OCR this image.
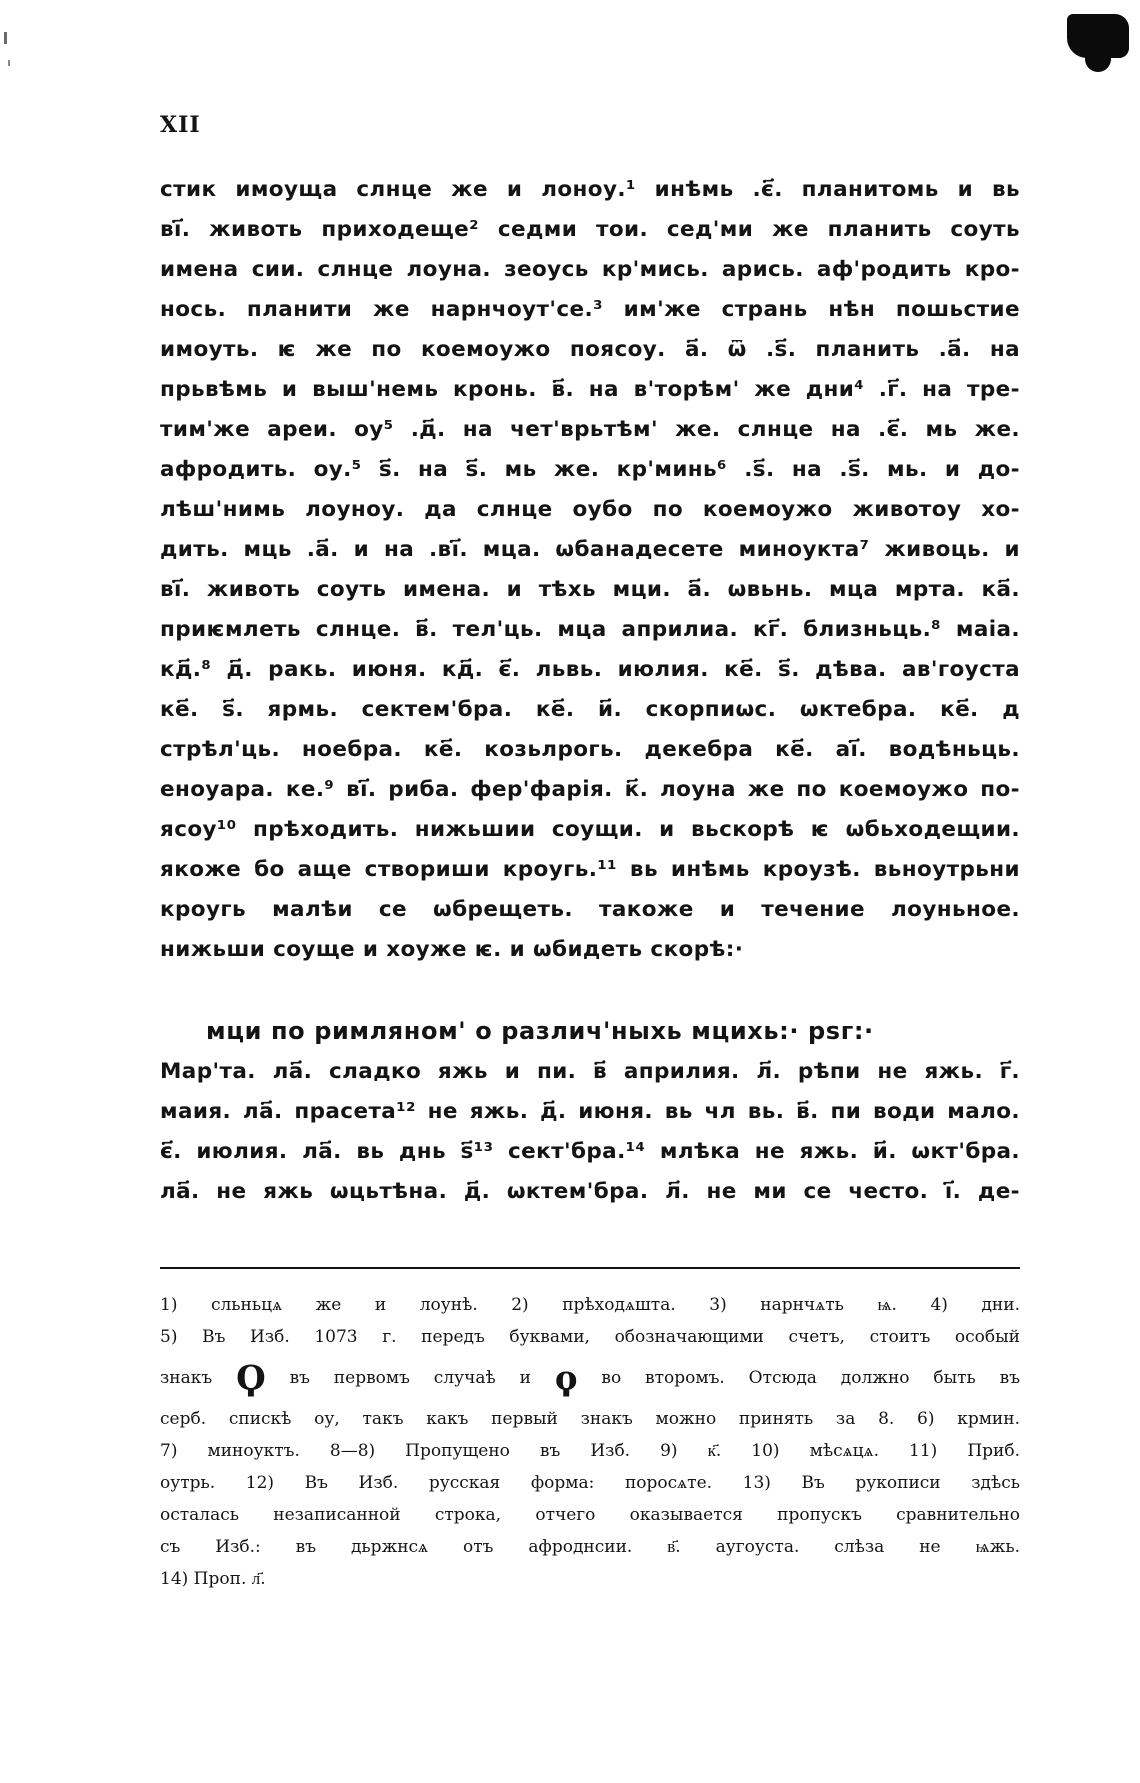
XII
стик имоущa слнце же и лоноу.¹ инѣмь .є҃. планитомь и вь
ві҃. животь приходеще² седми тои. сед'ми же планить соуть
имена сии. слнце лоуна. зеоусь кр'мись. арись. аф'родить кро-
нось. планити же нарнчоут'се.³ им'же странь нѣн пошьстие
имоуть. ѥ же по коемоужо поясоу. а҃. ѿ .ѕ҃. планить .а҃. на
прьвѣмь и выш'немь кронь. в҃. на в'торѣм' же дни⁴ .г҃. на тре-
тим'же ареи. оу⁵ .д҃. на чет'врьтѣм' же. слнце на .є҃. мь же.
афродить. оу.⁵ ѕ҃. на ѕ҃. мь же. кр'минь⁶ .ѕ҃. на .ѕ҃. мь. и до-
лѣш'нимь лоуноу. да слнце оубо по коемоужо животоу хо-
дить. мць .а҃. и на .ві҃. мца. ѡбанадесете миноукта⁷ живоць. и
ві҃. животь соуть имена. и тѣхь мци. а҃. ѡвьнь. мца мрта. ка҃.
приѥмлеть слнце. в҃. тел'ць. мца априлиа. кг҃. близньць.⁸ маia.
кд҃.⁸ д҃. ракь. июня. кд҃. є҃. львь. июлия. ке҃. ѕ҃. дѣва. ав'гоуста
ке҃. ѕ҃. ярмь. сектем'бра. ке҃. и҃. скорпиѡс. ѡктебра. ке҃. д
стрѣл'ць. ноебра. ке҃. козьлрогь. декебра ке҃. аі҃. водѣньць.
еноуара. ке.⁹ ві҃. риба. фер'фарiя. к҃. лоуна же по коемоужо по-
ясоу¹⁰ прѣходить. нижьшии соущи. и вьскорѣ ѥ ѡбьходещии.
якоже бо аще створиши кроугь.¹¹ вь инѣмь кроузѣ. вьноутрьни
кроугь малѣи се ѡбрещеть. такоже и течение лоуньное.
нижьши соуще и хоуже ѥ. и ѡбидеть скорѣ:·
мци по римляном' о различ'ныхь мцихь:· рѕг:·
Мар'та. ла҃. сладко яжь и пи. в҃ априлия. л҃. рѣпи не яжь. г҃.
маия. ла҃. прасета¹² не яжь. д҃. июня. вь чл вь. в҃. пи води мало.
є҃. июлия. ла҃. вь днь ѕ҃¹³ сект'бра.¹⁴ млѣка не яжь. и҃. ѡкт'бра.
ла҃. не яжь ѡцьтѣна. д҃. ѡктем'бра. л҃. не ми се често. і҃. де-
1) сльньцѧ же и лоунѣ. 2) прѣходѧшта. 3) нарнчѧть ѩ. 4) дни.
5) Въ Изб. 1073 г. передъ буквами, обозначающими счетъ, стоитъ особый
знакъ Ϙ въ первомъ случаѣ и ϙ во второмъ. Отсюда должно быть въ
серб. спискѣ оу, такъ какъ первый знакъ можно принять за 8. 6) крмин.
7) миноуктъ. 8—8) Пропущено въ Изб. 9) к҃. 10) мѣсѧцѧ. 11) Приб.
оутрь. 12) Въ Изб. русская форма: поросѧте. 13) Въ рукописи здѣсь
осталась незаписанной строка, отчего оказывается пропускъ сравнительно
съ Изб.: въ дьржнсѧ отъ афроднсии. в҃. аугоуста. слѣза не ѩжь.
14) Проп. л҃.
